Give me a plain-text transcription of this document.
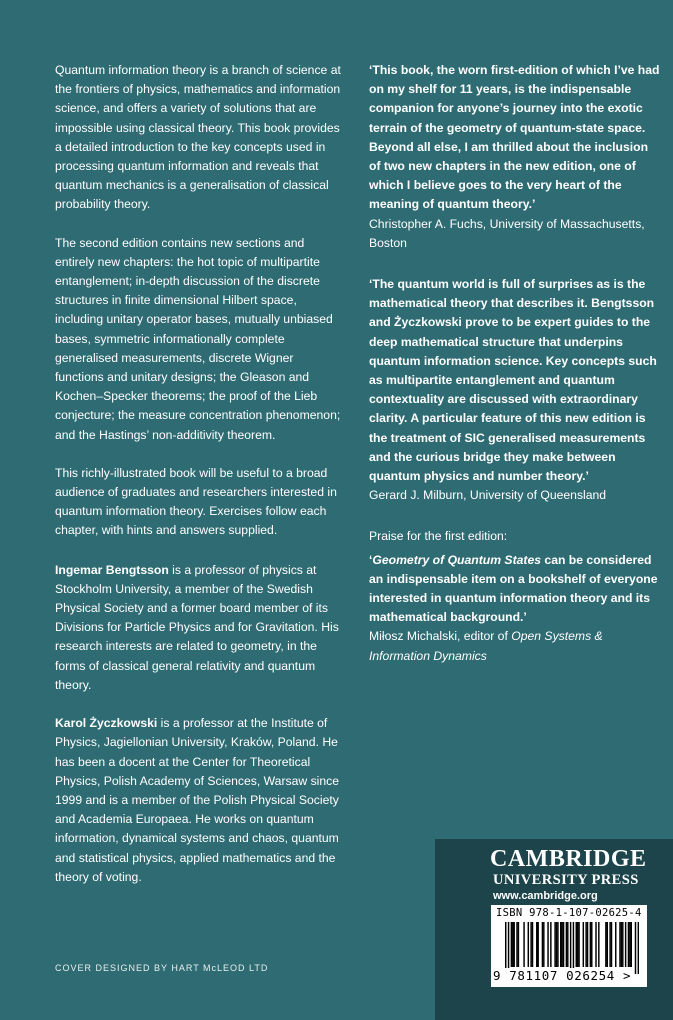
Quantum information theory is a branch of science at the frontiers of physics, mathematics and information science, and offers a variety of solutions that are impossible using classical theory. This book provides a detailed introduction to the key concepts used in processing quantum information and reveals that quantum mechanics is a generalisation of classical probability theory.

The second edition contains new sections and entirely new chapters: the hot topic of multipartite entanglement; in-depth discussion of the discrete structures in finite dimensional Hilbert space, including unitary operator bases, mutually unbiased bases, symmetric informationally complete generalised measurements, discrete Wigner functions and unitary designs; the Gleason and Kochen–Specker theorems; the proof of the Lieb conjecture; the measure concentration phenomenon; and the Hastings’ non-additivity theorem.

This richly-illustrated book will be useful to a broad audience of graduates and researchers interested in quantum information theory. Exercises follow each chapter, with hints and answers supplied.

Ingemar Bengtsson is a professor of physics at Stockholm University, a member of the Swedish Physical Society and a former board member of its Divisions for Particle Physics and for Gravitation. His research interests are related to geometry, in the forms of classical general relativity and quantum theory.

Karol Życzkowski is a professor at the Institute of Physics, Jagiellonian University, Kraków, Poland. He has been a docent at the Center for Theoretical Physics, Polish Academy of Sciences, Warsaw since 1999 and is a member of the Polish Physical Society and Academia Europaea. He works on quantum information, dynamical systems and chaos, quantum and statistical physics, applied mathematics and the theory of voting.

‘This book, the worn first-edition of which I’ve had on my shelf for 11 years, is the indispensable companion for anyone’s journey into the exotic terrain of the geometry of quantum-state space. Beyond all else, I am thrilled about the inclusion of two new chapters in the new edition, one of which I believe goes to the very heart of the meaning of quantum theory.’
Christopher A. Fuchs, University of Massachusetts, Boston
‘The quantum world is full of surprises as is the mathematical theory that describes it. Bengtsson and Życzkowski prove to be expert guides to the deep mathematical structure that underpins quantum information science. Key concepts such as multipartite entanglement and quantum contextuality are discussed with extraordinary clarity. A particular feature of this new edition is the treatment of SIC generalised measurements and the curious bridge they make between quantum physics and number theory.’
Gerard J. Milburn, University of Queensland
Praise for the first edition:
‘Geometry of Quantum States can be considered an indispensable item on a bookshelf of everyone interested in quantum information theory and its mathematical background.’
Miłosz Michalski, editor of Open Systems & Information Dynamics
COVER DESIGNED BY HART McLEOD LTD
CAMBRIDGE
UNIVERSITY PRESS
www.cambridge.org
ISBN 978-1-107-02625-4
9 781107 026254 >
